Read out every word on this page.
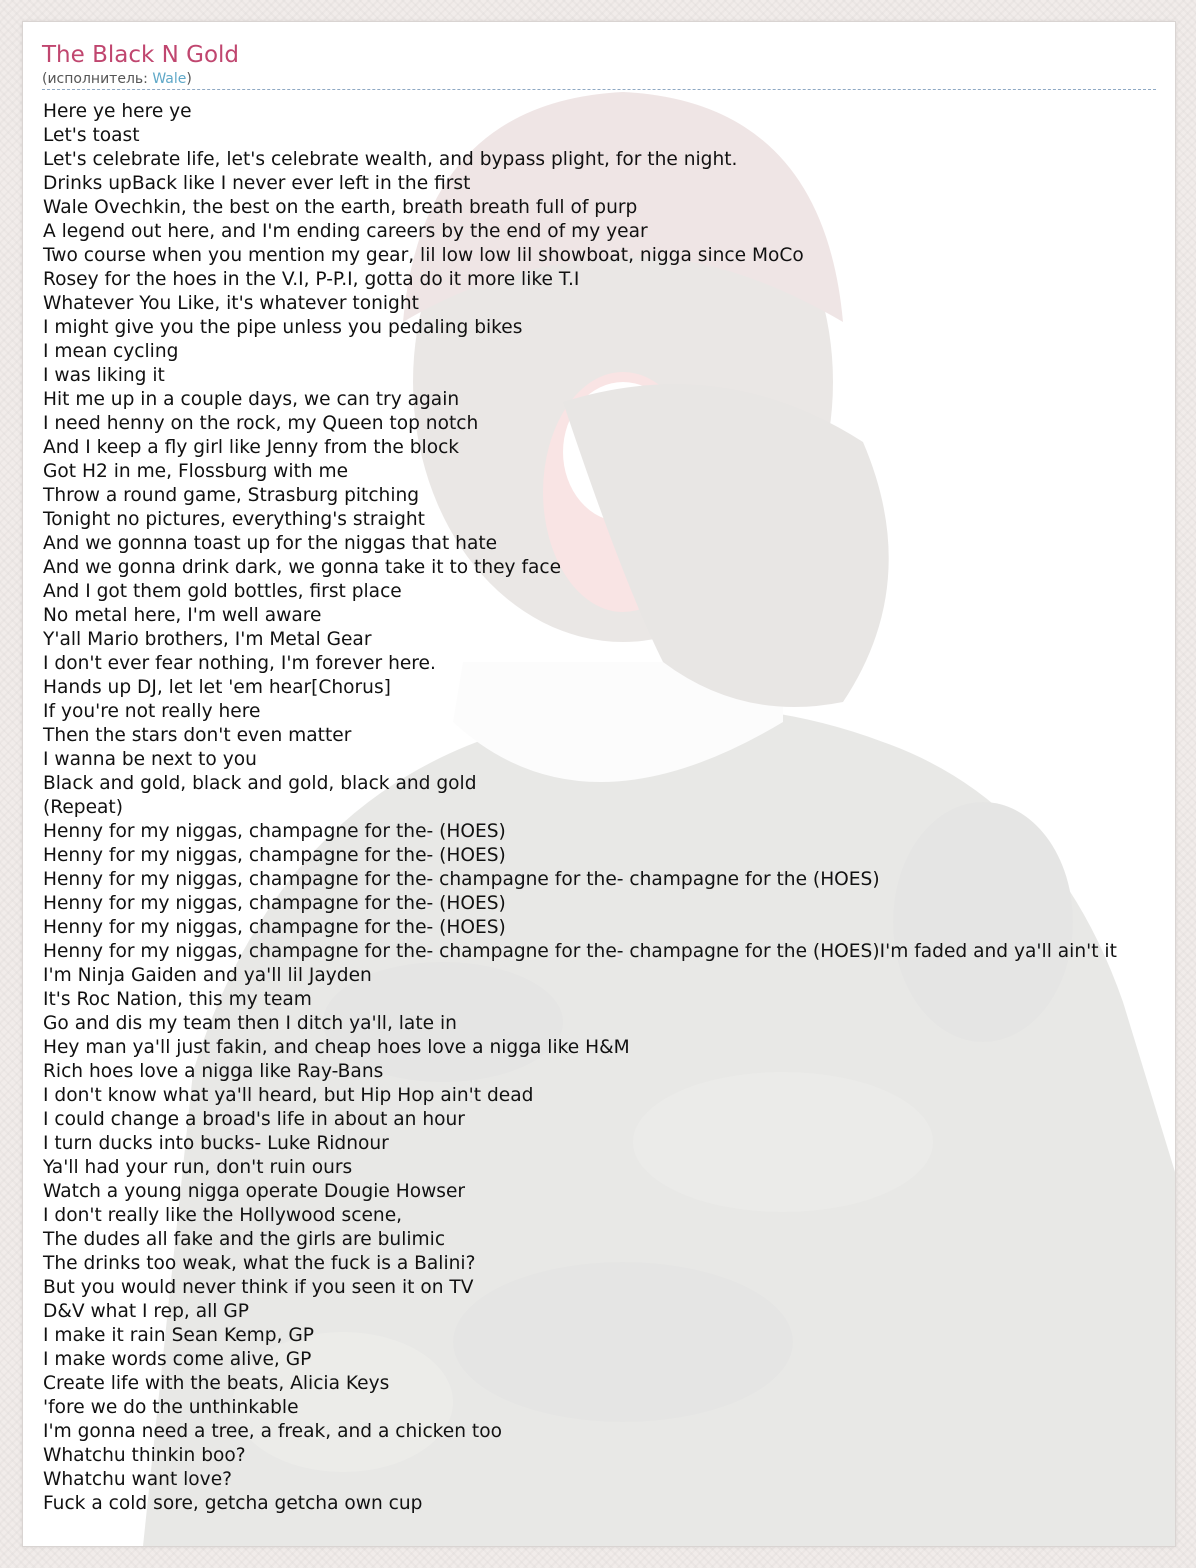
The Black N Gold
(исполнитель: Wale)
Here ye here ye
Let's toast
Let's celebrate life, let's celebrate wealth, and bypass plight, for the night.
Drinks upBack like I never ever left in the first
Wale Ovechkin, the best on the earth, breath breath full of purp
A legend out here, and I'm ending careers by the end of my year
Two course when you mention my gear, lil low low lil showboat, nigga since MoCo
Rosey for the hoes in the V.I, P-P.I, gotta do it more like T.I
Whatever You Like, it's whatever tonight
I might give you the pipe unless you pedaling bikes
I mean cycling
I was liking it
Hit me up in a couple days, we can try again
I need henny on the rock, my Queen top notch
And I keep a fly girl like Jenny from the block
Got H2 in me, Flossburg with me
Throw a round game, Strasburg pitching
Tonight no pictures, everything's straight
And we gonnna toast up for the niggas that hate
And we gonna drink dark, we gonna take it to they face
And I got them gold bottles, first place
No metal here, I'm well aware
Y'all Mario brothers, I'm Metal Gear
I don't ever fear nothing, I'm forever here.
Hands up DJ, let let 'em hear[Chorus]
If you're not really here
Then the stars don't even matter
I wanna be next to you
Black and gold, black and gold, black and gold
(Repeat)
Henny for my niggas, champagne for the- (HOES)
Henny for my niggas, champagne for the- (HOES)
Henny for my niggas, champagne for the- champagne for the- champagne for the (HOES)
Henny for my niggas, champagne for the- (HOES)
Henny for my niggas, champagne for the- (HOES)
Henny for my niggas, champagne for the- champagne for the- champagne for the (HOES)I'm faded and ya'll ain't it
I'm Ninja Gaiden and ya'll lil Jayden
It's Roc Nation, this my team
Go and dis my team then I ditch ya'll, late in
Hey man ya'll just fakin, and cheap hoes love a nigga like H&M
Rich hoes love a nigga like Ray-Bans
I don't know what ya'll heard, but Hip Hop ain't dead
I could change a broad's life in about an hour
I turn ducks into bucks- Luke Ridnour
Ya'll had your run, don't ruin ours
Watch a young nigga operate Dougie Howser
I don't really like the Hollywood scene,
The dudes all fake and the girls are bulimic
The drinks too weak, what the fuck is a Balini?
But you would never think if you seen it on TV
D&V what I rep, all GP
I make it rain Sean Kemp, GP
I make words come alive, GP
Create life with the beats, Alicia Keys
'fore we do the unthinkable
I'm gonna need a tree, a freak, and a chicken too
Whatchu thinkin boo?
Whatchu want love?
Fuck a cold sore, getcha getcha own cup
